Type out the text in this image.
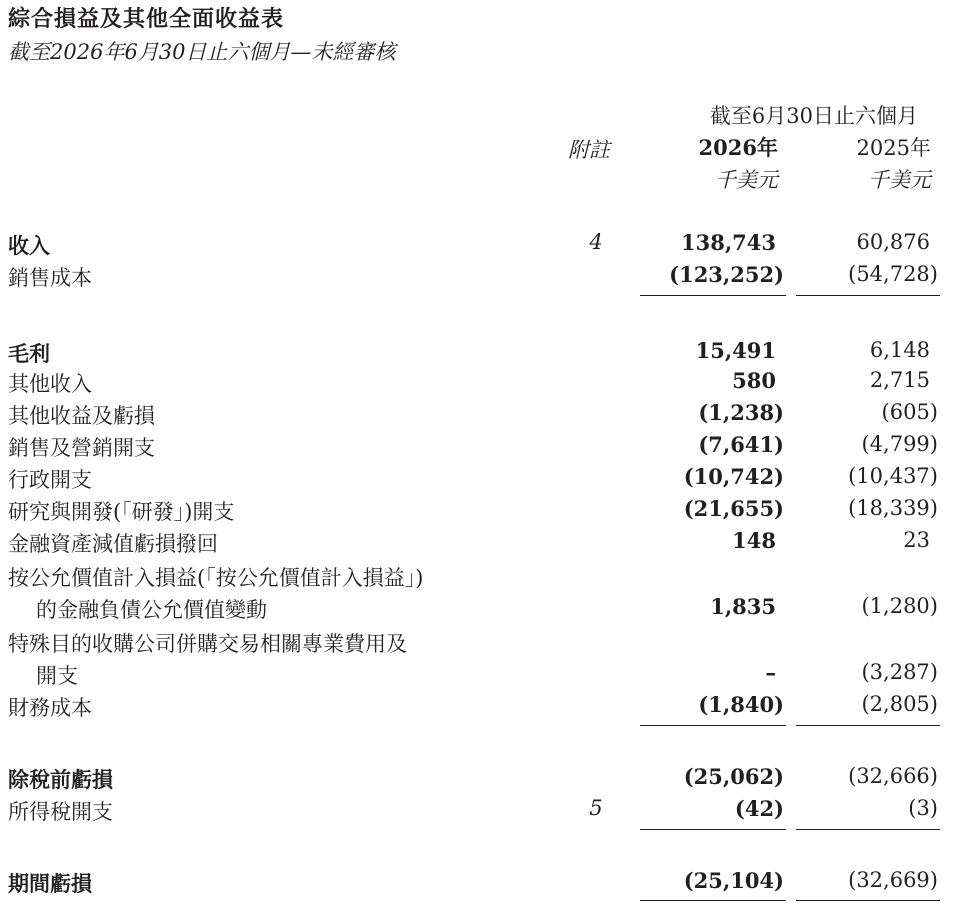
綜合損益及其他全面收益表
截至2026年6月30日止六個月—未經審核
截至6月30日止六個月
附註	2026年	2025年
千美元	千美元
收入	4	138,743	60,876
銷售成本	(123,252)	(54,728)
毛利	15,491	6,148
其他收入	580	2,715
其他收益及虧損	(1,238)	(605)
銷售及營銷開支	(7,641)	(4,799)
行政開支	(10,742)	(10,437)
研究與開發(「研發」)開支	(21,655)	(18,339)
金融資產減值虧損撥回	148	23
按公允價值計入損益(「按公允價值計入損益」)
的金融負債公允價值變動	1,835	(1,280)
特殊目的收購公司併購交易相關專業費用及
開支	–	(3,287)
財務成本	(1,840)	(2,805)
除稅前虧損	(25,062)	(32,666)
所得稅開支	5	(42)	(3)
期間虧損	(25,104)	(32,669)
